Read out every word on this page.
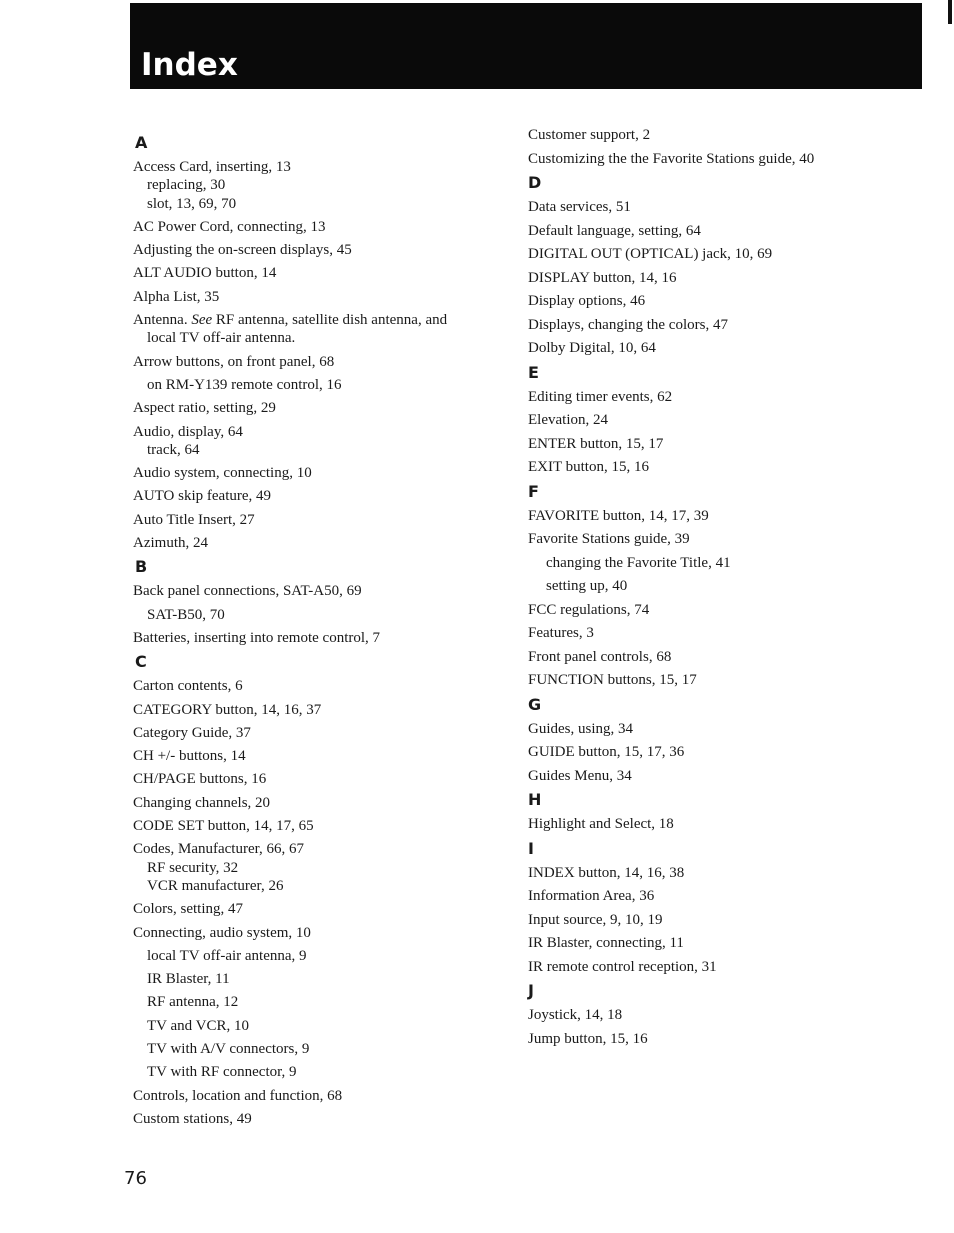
Index
A
Access Card, inserting, 13
replacing, 30
slot, 13, 69, 70
AC Power Cord, connecting, 13
Adjusting the on-screen displays, 45
ALT AUDIO button, 14
Alpha List, 35
Antenna. See RF antenna, satellite dish antenna, and
local TV off-air antenna.
Arrow buttons, on front panel, 68
on RM-Y139 remote control, 16
Aspect ratio, setting, 29
Audio, display, 64
track, 64
Audio system, connecting, 10
AUTO skip feature, 49
Auto Title Insert, 27
Azimuth, 24
B
Back panel connections, SAT-A50, 69
SAT-B50, 70
Batteries, inserting into remote control, 7
C
Carton contents, 6
CATEGORY button, 14, 16, 37
Category Guide, 37
CH +/- buttons, 14
CH/PAGE buttons, 16
Changing channels, 20
CODE SET button, 14, 17, 65
Codes, Manufacturer, 66, 67
RF security, 32
VCR manufacturer, 26
Colors, setting, 47
Connecting, audio system, 10
local TV off-air antenna, 9
IR Blaster, 11
RF antenna, 12
TV and VCR, 10
TV with A/V connectors, 9
TV with RF connector, 9
Controls, location and function, 68
Custom stations, 49
Customer support, 2
Customizing the the Favorite Stations guide, 40
D
Data services, 51
Default language, setting, 64
DIGITAL OUT (OPTICAL) jack, 10, 69
DISPLAY button, 14, 16
Display options, 46
Displays, changing the colors, 47
Dolby Digital, 10, 64
E
Editing timer events, 62
Elevation, 24
ENTER button, 15, 17
EXIT button, 15, 16
F
FAVORITE button, 14, 17, 39
Favorite Stations guide, 39
changing the Favorite Title, 41
setting up, 40
FCC regulations, 74
Features, 3
Front panel controls, 68
FUNCTION buttons, 15, 17
G
Guides, using, 34
GUIDE button, 15, 17, 36
Guides Menu, 34
H
Highlight and Select, 18
I
INDEX button, 14, 16, 38
Information Area, 36
Input source, 9, 10, 19
IR Blaster, connecting, 11
IR remote control reception, 31
J
Joystick, 14, 18
Jump button, 15, 16

76
